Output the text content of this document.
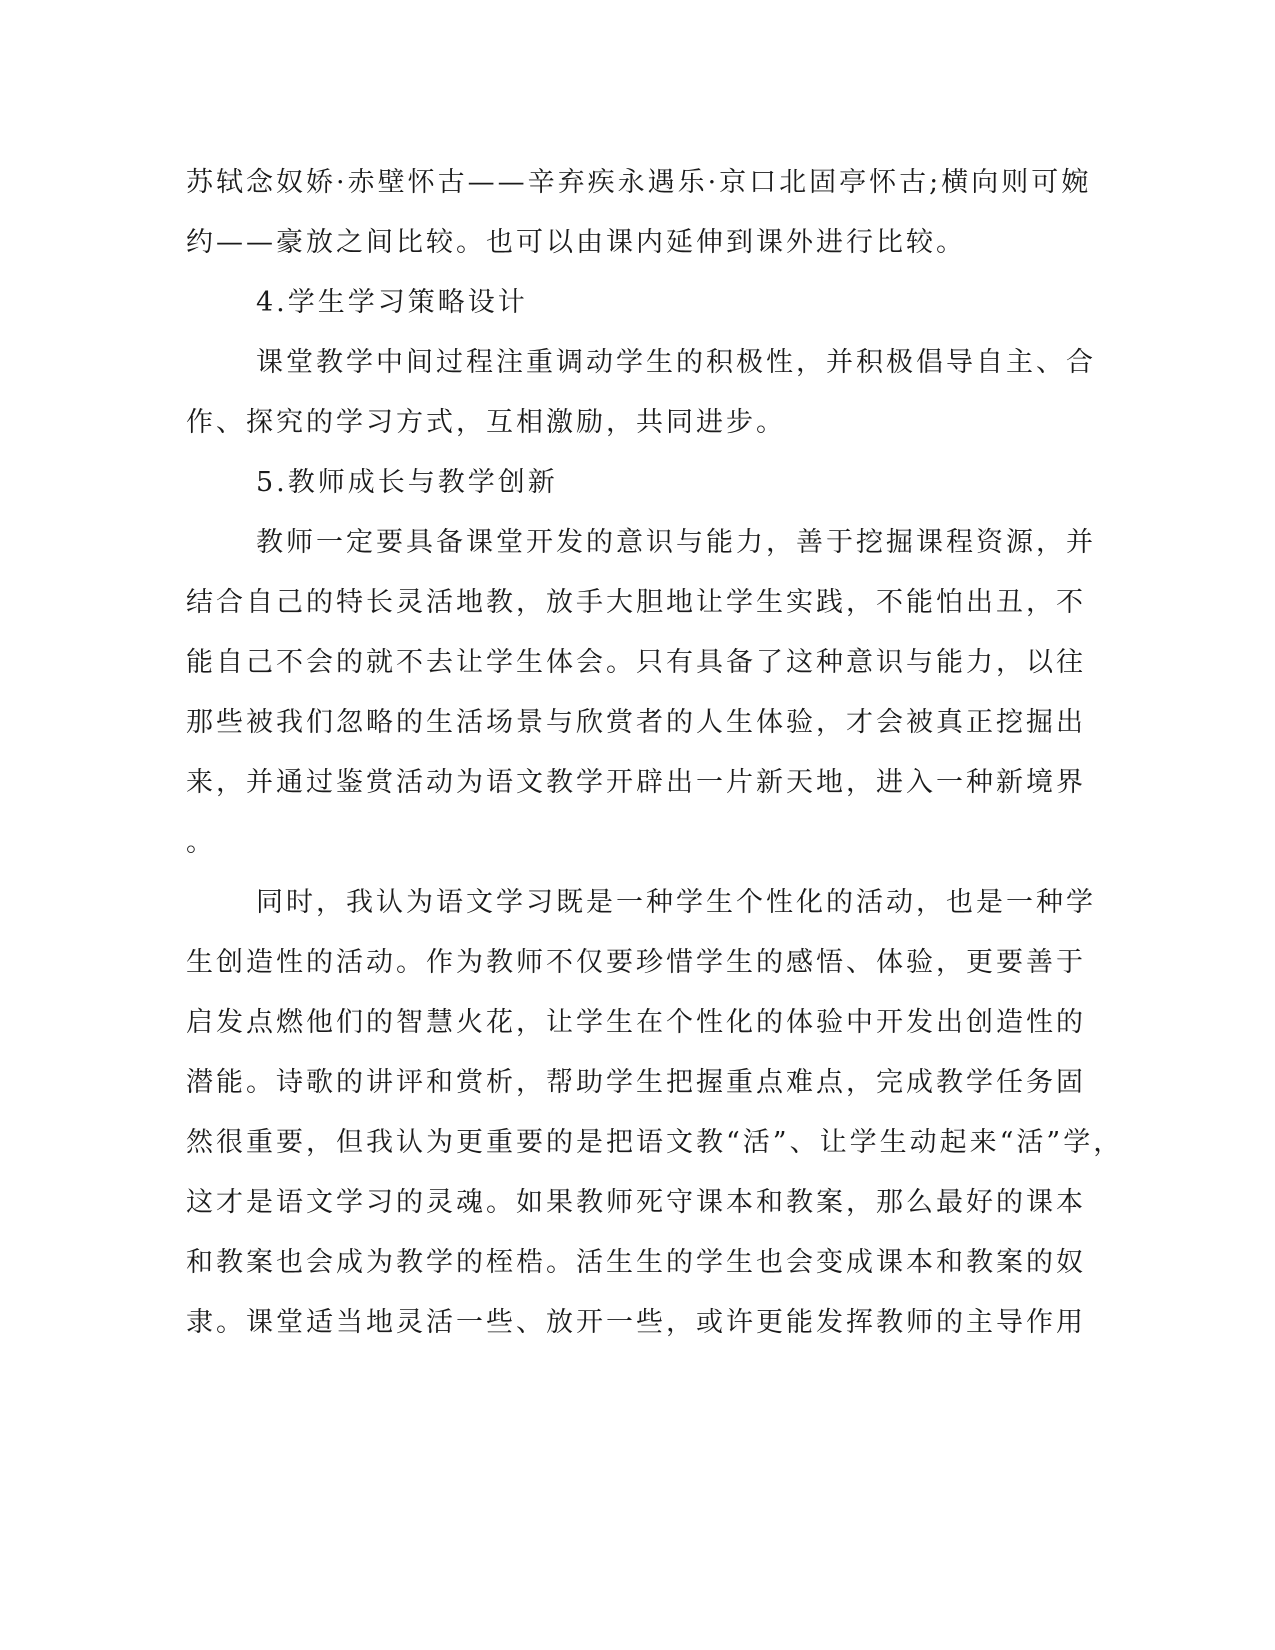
苏轼念奴娇·赤壁怀古——辛弃疾永遇乐·京口北固亭怀古;横向则可婉
约——豪放之间比较。也可以由课内延伸到课外进行比较。
4.学生学习策略设计
课堂教学中间过程注重调动学生的积极性，并积极倡导自主、合
作、探究的学习方式，互相激励，共同进步。
5.教师成长与教学创新
教师一定要具备课堂开发的意识与能力，善于挖掘课程资源，并
结合自己的特长灵活地教，放手大胆地让学生实践，不能怕出丑，不
能自己不会的就不去让学生体会。只有具备了这种意识与能力，以往
那些被我们忽略的生活场景与欣赏者的人生体验，才会被真正挖掘出
来，并通过鉴赏活动为语文教学开辟出一片新天地，进入一种新境界
。
同时，我认为语文学习既是一种学生个性化的活动，也是一种学
生创造性的活动。作为教师不仅要珍惜学生的感悟、体验，更要善于
启发点燃他们的智慧火花，让学生在个性化的体验中开发出创造性的
潜能。诗歌的讲评和赏析，帮助学生把握重点难点，完成教学任务固
然很重要，但我认为更重要的是把语文教“活”、让学生动起来“活”学，
这才是语文学习的灵魂。如果教师死守课本和教案，那么最好的课本
和教案也会成为教学的桎梏。活生生的学生也会变成课本和教案的奴
隶。课堂适当地灵活一些、放开一些，或许更能发挥教师的主导作用
